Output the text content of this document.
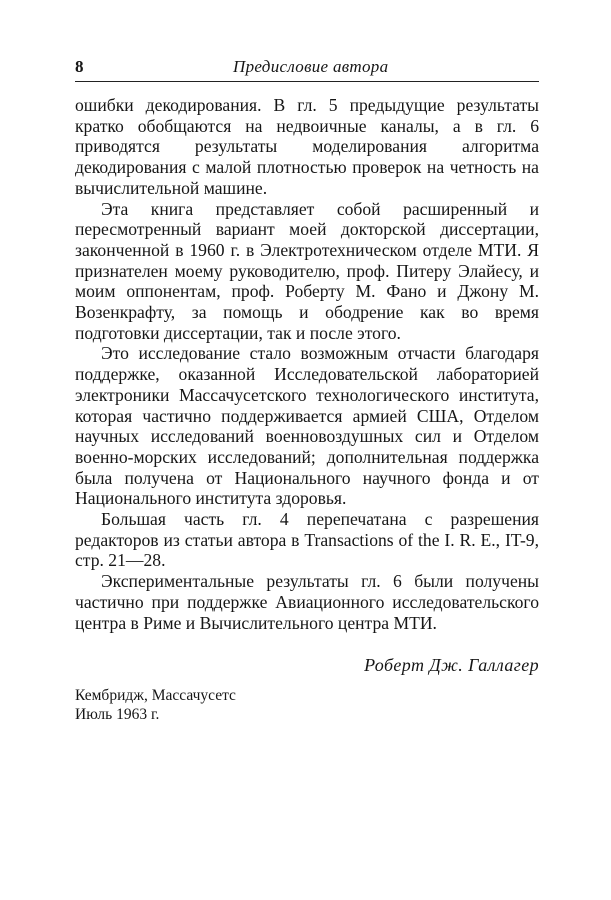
8	Предисловие автора

ошибки декодирования. В гл. 5 предыдущие результаты кратко обобщаются на недвоичные каналы, а в гл. 6 приводятся результаты моделирования алгоритма декодирования с малой плотностью проверок на четность на вычислительной машине.

Эта книга представляет собой расширенный и пересмотренный вариант моей докторской диссертации, законченной в 1960 г. в Электротехническом отделе МТИ. Я признателен моему руководителю, проф. Питеру Элайесу, и моим оппонентам, проф. Роберту М. Фано и Джону М. Возенкрафту, за помощь и ободрение как во время подготовки диссертации, так и после этого.

Это исследование стало возможным отчасти благодаря поддержке, оказанной Исследовательской лабораторией электроники Массачусетского технологического института, которая частично поддерживается армией США, Отделом научных исследований военновоздушных сил и Отделом военно-морских исследований; дополнительная поддержка была получена от Национального научного фонда и от Национального института здоровья.

Большая часть гл. 4 перепечатана с разрешения редакторов из статьи автора в Transactions of the I. R. E., IT-9, стр. 21—28.

Экспериментальные результаты гл. 6 были получены частично при поддержке Авиационного исследовательского центра в Риме и Вычислительного центра МТИ.

Роберт Дж. Галлагер
Кембридж, Массачусетс
Июль 1963 г.
